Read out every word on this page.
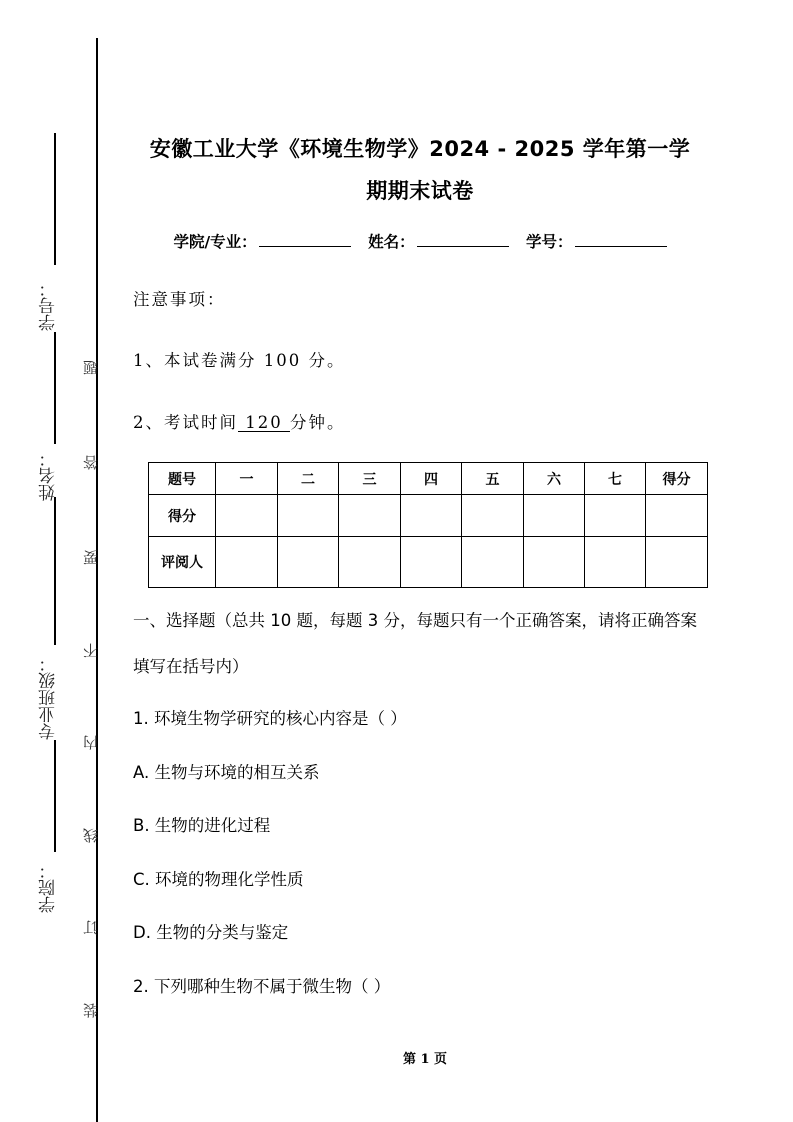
学号：
姓名：
专业班级：
学院：
题
答
要
不
内
线
订
装
安徽工业大学《环境生物学》2024 - 2025 学年第一学
期期末试卷
学院/专业：	姓名：	学号：
注意事项：
1、本试卷满分 100 分。
2、考试时间 120 分钟。
题号	一	二	三	四	五	六	七	得分
得分								
评阅人								
一、选择题（总共 10 题，每题 3 分，每题只有一个正确答案，请将正确答案填写在括号内）
1. 环境生物学研究的核心内容是（ ）
A. 生物与环境的相互关系
B. 生物的进化过程
C. 环境的物理化学性质
D. 生物的分类与鉴定
2. 下列哪种生物不属于微生物（ ）
第 1 页
